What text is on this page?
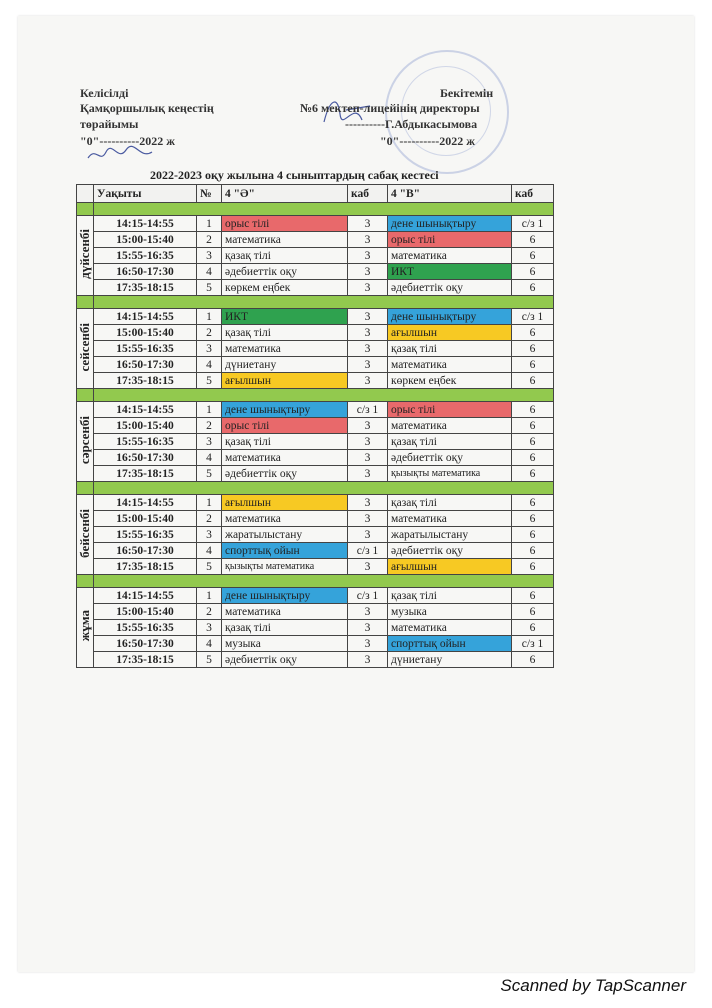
Келісілді
Қамқоршылық кеңестің
төрайымы
"0"----------2022 ж
Бекітемін
№6 мектеп-лицейінің директоры
----------Г.Абдыкасымова
"0"----------2022 ж
2022-2023 оқу жылына 4 сыныптардың сабақ кестесі
	Уақыты	№	4 "Ә"	каб	4 "В"	каб

дүйсенбі	14:15-14:55	1	орыс тілі	3	дене шынықтыру	с/з 1
	15:00-15:40	2	математика	3	орыс тілі	6
	15:55-16:35	3	қазақ тілі	3	математика	6
	16:50-17:30	4	әдебиеттік оқу	3	ИКТ	6
	17:35-18:15	5	көркем еңбек	3	әдебиеттік оқу	6

сейсенбі	14:15-14:55	1	ИКТ	3	дене шынықтыру	с/з 1
	15:00-15:40	2	қазақ тілі	3	ағылшын	6
	15:55-16:35	3	математика	3	қазақ тілі	6
	16:50-17:30	4	дүниетану	3	математика	6
	17:35-18:15	5	ағылшын	3	көркем еңбек	6

сәрсенбі	14:15-14:55	1	дене шынықтыру	с/з 1	орыс тілі	6
	15:00-15:40	2	орыс тілі	3	математика	6
	15:55-16:35	3	қазақ тілі	3	қазақ тілі	6
	16:50-17:30	4	математика	3	әдебиеттік оқу	6
	17:35-18:15	5	әдебиеттік оқу	3	қызықты математика	6

бейсенбі	14:15-14:55	1	ағылшын	3	қазақ тілі	6
	15:00-15:40	2	математика	3	математика	6
	15:55-16:35	3	жаратылыстану	3	жаратылыстану	6
	16:50-17:30	4	спорттық ойын	с/з 1	әдебиеттік оқу	6
	17:35-18:15	5	қызықты математика	3	ағылшын	6

жұма	14:15-14:55	1	дене шынықтыру	с/з 1	қазақ тілі	6
	15:00-15:40	2	математика	3	музыка	6
	15:55-16:35	3	қазақ тілі	3	математика	6
	16:50-17:30	4	музыка	3	спорттық ойын	с/з 1
	17:35-18:15	5	әдебиеттік оқу	3	дүниетану	6
Scanned by TapScanner
